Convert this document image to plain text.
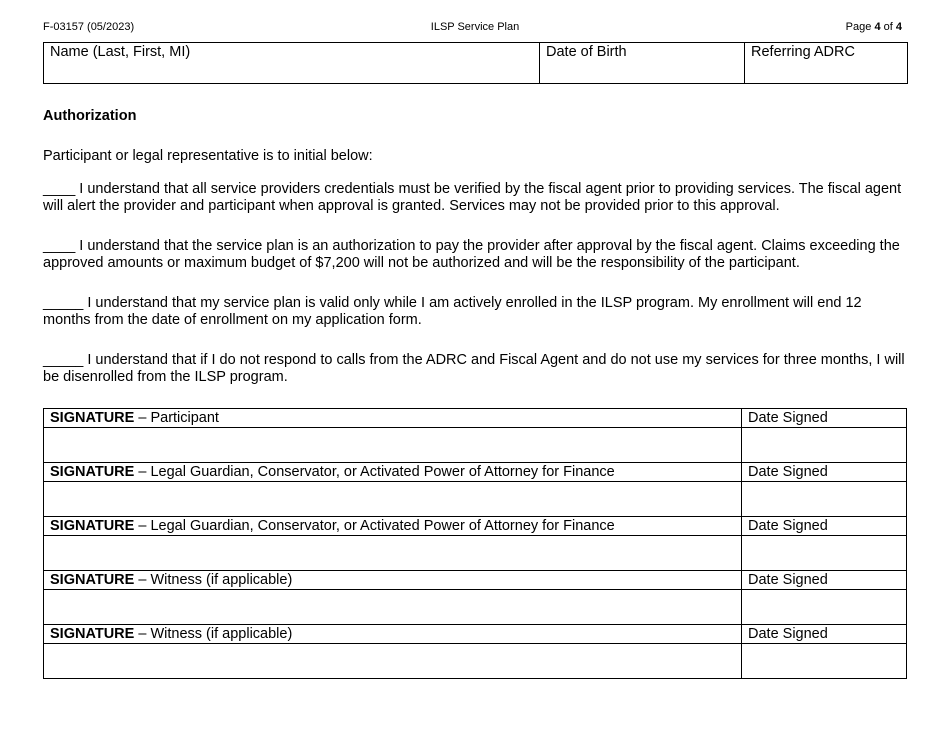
F-03157 (05/2023)	ILSP Service Plan	Page 4 of 4
Name (Last, First, MI)	Date of Birth	Referring ADRC
Authorization
Participant or legal representative is to initial below:
____ I understand that all service providers credentials must be verified by the fiscal agent prior to providing services. The fiscal agent will alert the provider and participant when approval is granted. Services may not be provided prior to this approval.
____ I understand that the service plan is an authorization to pay the provider after approval by the fiscal agent. Claims exceeding the approved amounts or maximum budget of $7,200 will not be authorized and will be the responsibility of the participant.
_____ I understand that my service plan is valid only while I am actively enrolled in the ILSP program. My enrollment will end 12 months from the date of enrollment on my application form.
_____ I understand that if I do not respond to calls from the ADRC and Fiscal Agent and do not use my services for three months, I will be disenrolled from the ILSP program.
SIGNATURE – Participant	Date Signed

SIGNATURE – Legal Guardian, Conservator, or Activated Power of Attorney for Finance	Date Signed

SIGNATURE – Legal Guardian, Conservator, or Activated Power of Attorney for Finance	Date Signed

SIGNATURE – Witness (if applicable)	Date Signed

SIGNATURE – Witness (if applicable)	Date Signed
